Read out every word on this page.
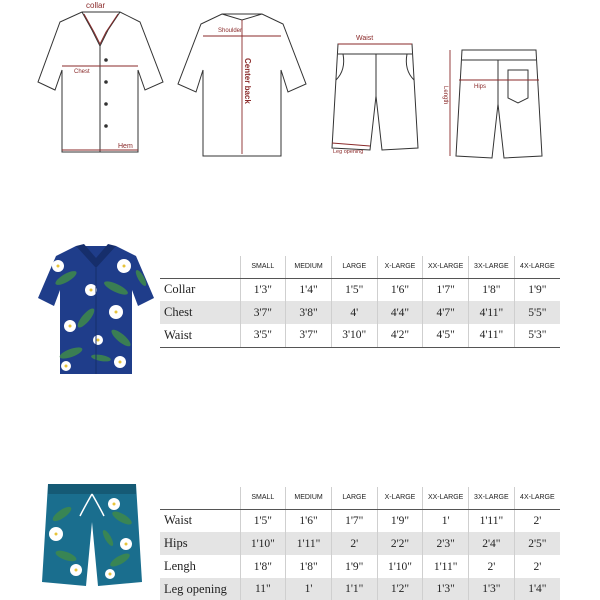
collar
Chest
Hem
Shoulder
Center back
Waist
Leg opening
Hips
Length
	SMALL	MEDIUM	LARGE	X-LARGE	XX-LARGE	3X-LARGE	4X-LARGE
Collar	1'3"	1'4"	1'5"	1'6"	1'7"	1'8"	1'9"
Chest	3'7"	3'8"	4'	4'4"	4'7"	4'11"	5'5"
Waist	3'5"	3'7"	3'10"	4'2"	4'5"	4'11"	5'3"
	SMALL	MEDIUM	LARGE	X-LARGE	XX-LARGE	3X-LARGE	4X-LARGE
Waist	1'5"	1'6"	1'7"	1'9"	1'	1'11"	2'
Hips	1'10"	1'11"	2'	2'2"	2'3"	2'4"	2'5"
Lengh	1'8"	1'8"	1'9"	1'10"	1'11"	2'	2'
Leg opening	11"	1'	1'1"	1'2"	1'3"	1'3"	1'4"
